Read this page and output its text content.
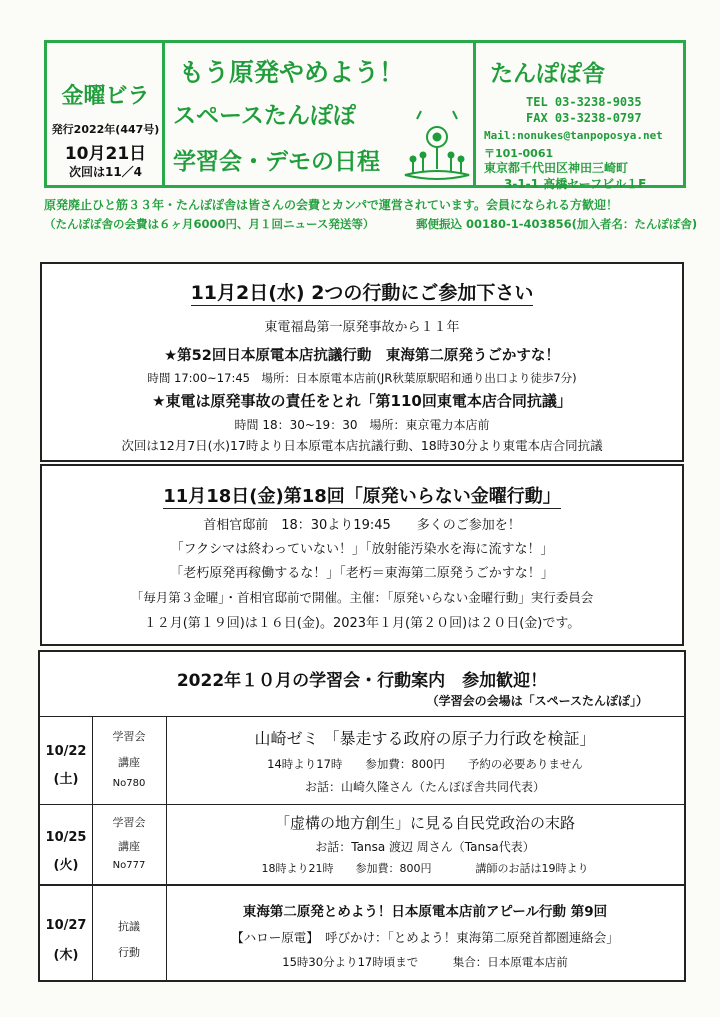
金曜ビラ
発行2022年(447号)
10月21日
次回は11／4
もう原発やめよう！
スペースたんぽぽ
学習会・デモの日程
たんぽぽ舎
TEL 03-3238-9035
FAX 03-3238-0797
Mail:nonukes@tanpoposya.net
〒101-0061
東京都千代田区神田三崎町
3-1-1 髙橋セーフビル１F
原発廃止ひと筋３３年・たんぽぽ舎は皆さんの会費とカンパで運営されています。会員になられる方歓迎！
（たんぽぽ舎の会費は６ヶ月6000円、月１回ニュース発送等）	郵便振込 00180-1-403856(加入者名：たんぽぽ舎)
11月2日(水) 2つの行動にご参加下さい
東電福島第一原発事故から１１年
★第52回日本原電本店抗議行動　東海第二原発うごかすな！
時間 17:00~17:45　場所：日本原電本店前(JR秋葉原駅昭和通り出口より徒歩7分)
★東電は原発事故の責任をとれ「第110回東電本店合同抗議」
時間 18：30~19：30　場所：東京電力本店前
次回は12月7日(水)17時より日本原電本店抗議行動、18時30分より東電本店合同抗議
11月18日(金)第18回「原発いらない金曜行動」
首相官邸前　18：30より19:45　　多くのご参加を！
「フクシマは終わっていない！」「放射能汚染水を海に流すな！」
「老朽原発再稼働するな！」「老朽＝東海第二原発うごかすな！」
「毎月第３金曜」・首相官邸前で開催。主催：「原発いらない金曜行動」実行委員会
１２月(第１９回)は１６日(金)。2023年１月(第２０回)は２０日(金)です。
2022年１０月の学習会・行動案内　参加歓迎！
（学習会の会場は「スペースたんぽぽ」）
10/22
(土)
学習会
講座
No780
山崎ゼミ 「暴走する政府の原子力行政を検証」
14時より17時　　参加費：800円　　予約の必要ありません
お話：山崎久隆さん（たんぽぽ舎共同代表）
10/25
(火)
学習会
講座
No777
「虚構の地方創生」に見る自民党政治の末路
お話：Tansa 渡辺 周さん（Tansa代表）
18時より21時　　参加費：800円　　　　講師のお話は19時より
10/27
(木)
抗議
行動
東海第二原発とめよう！日本原電本店前アピール行動 第9回
【ハロー原電】　呼びかけ：「とめよう！東海第二原発首都圏連絡会」
15時30分より17時頃まで　　　集合：日本原電本店前
